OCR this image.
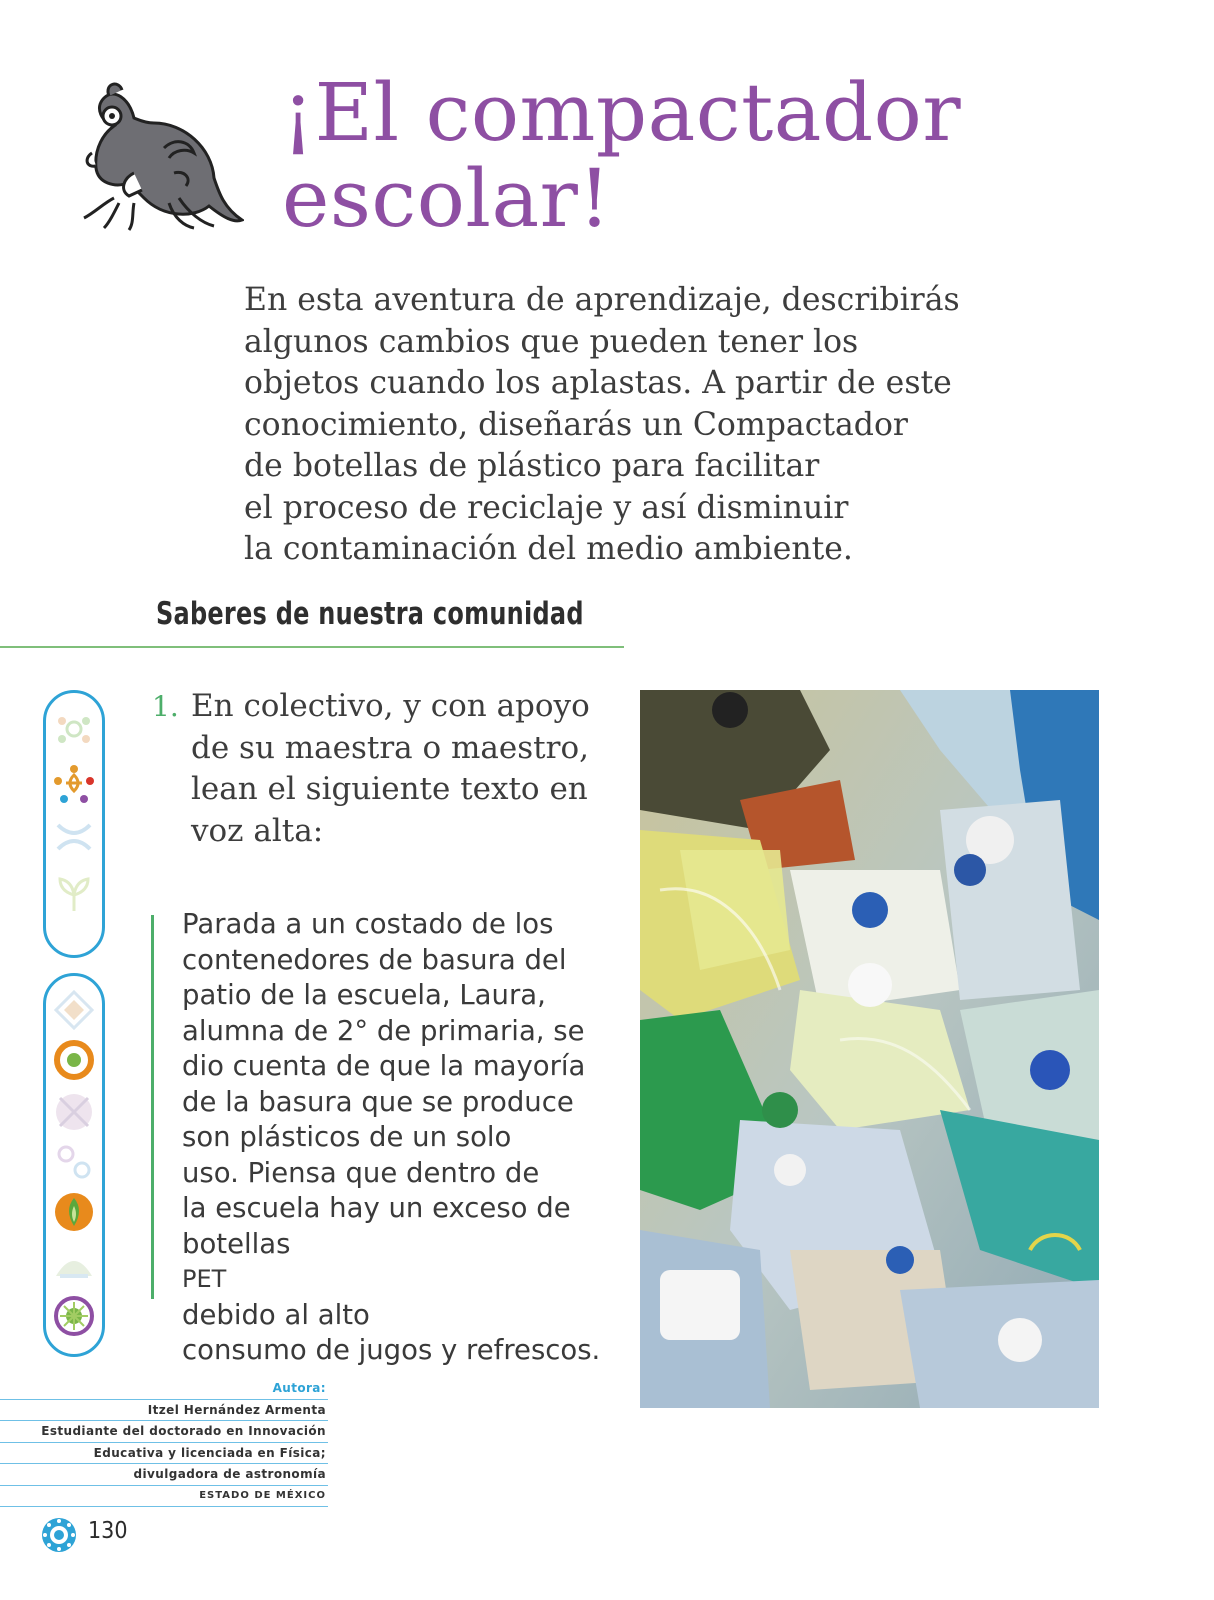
¡El compactador
escolar!
En esta aventura de aprendizaje, describirás
algunos cambios que pueden tener los
objetos cuando los aplastas. A partir de este
conocimiento, diseñarás un Compactador
de botellas de plástico para facilitar
el proceso de reciclaje y así disminuir
la contaminación del medio ambiente.
Saberes de nuestra comunidad
1. En colectivo, y con apoyo
de su maestra o maestro,
lean el siguiente texto en
voz alta:
Parada a un costado de los
contenedores de basura del
patio de la escuela, Laura,
alumna de 2° de primaria, se
dio cuenta de que la mayoría
de la basura que se produce
son plásticos de un solo
uso. Piensa que dentro de
la escuela hay un exceso de
botellas
PET
debido al alto
consumo de jugos y refrescos.
Autora:
Itzel Hernández Armenta
Estudiante del doctorado en Innovación
Educativa y licenciada en Física;
divulgadora de astronomía
ESTADO DE MÉXICO
130
